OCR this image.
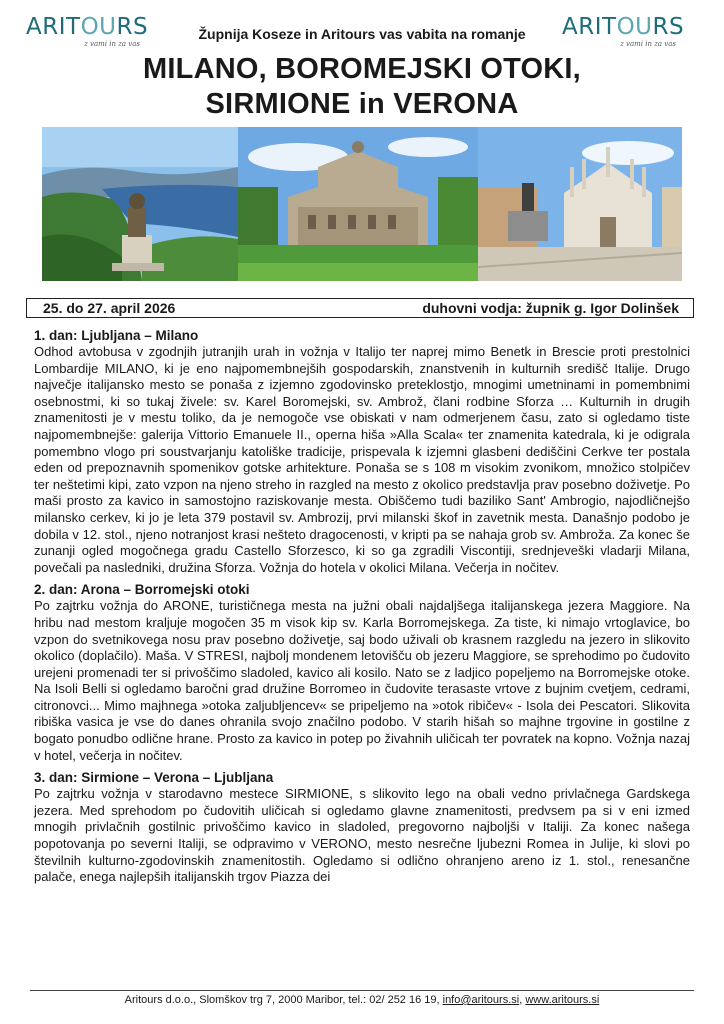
ARITOURS
z vami in za vas
ARITOURS
z vami in za vas
Župnija Koseze in Aritours vas vabita na romanje
MILANO, BOROMEJSKI OTOKI,
SIRMIONE in VERONA
25. do 27. april 2026	duhovni vodja: župnik g. Igor Dolinšek
1. dan: Ljubljana – Milano

Odhod avtobusa v zgodnjih jutranjih urah in vožnja v Italijo ter naprej mimo Benetk in Brescie proti prestolnici Lombardije MILANO, ki je eno najpomembnejših gospodarskih, znanstvenih in kulturnih središč Italije. Drugo največje italijansko mesto se ponaša z izjemno zgodovinsko preteklostjo, mnogimi umetninami in pomembnimi osebnostmi, ki so tukaj živele: sv. Karel Boromejski, sv. Ambrož, člani rodbine Sforza … Kulturnih in drugih znamenitosti je v mestu toliko, da je nemogoče vse obiskati v nam odmerjenem času, zato si ogledamo tiste najpomembnejše: galerija Vittorio Emanuele II., operna hiša »Alla Scala« ter znamenita katedrala, ki je odigrala pomembno vlogo pri soustvarjanju katoliške tradicije, prispevala k izjemni glasbeni dediščini Cerkve ter postala eden od prepoznavnih spomenikov gotske arhitekture. Ponaša se s 108 m visokim zvonikom, množico stolpičev ter neštetimi kipi, zato vzpon na njeno streho in razgled na mesto z okolico predstavlja prav posebno doživetje. Po maši prosto za kavico in samostojno raziskovanje mesta. Obiščemo tudi baziliko Sant' Ambrogio, najodličnejšo milansko cerkev, ki jo je leta 379 postavil sv. Ambrozij, prvi milanski škof in zavetnik mesta. Današnjo podobo je dobila v 12. stol., njeno notranjost krasi nešteto dragocenosti, v kripti pa se nahaja grob sv. Ambroža. Za konec še zunanji ogled mogočnega gradu Castello Sforzesco, ki so ga zgradili Viscontiji, srednjeveški vladarji Milana, povečali pa nasledniki, družina Sforza. Vožnja do hotela v okolici Milana. Večerja in nočitev.

2. dan: Arona – Borromejski otoki

Po zajtrku vožnja do ARONE, turističnega mesta na južni obali najdaljšega italijanskega jezera Maggiore. Na hribu nad mestom kraljuje mogočen 35 m visok kip sv. Karla Borromejskega. Za tiste, ki nimajo vrtoglavice, bo vzpon do svetnikovega nosu prav posebno doživetje, saj bodo uživali ob krasnem razgledu na jezero in slikovito okolico (doplačilo). Maša. V STRESI, najbolj mondenem letovišču ob jezeru Maggiore, se sprehodimo po čudovito urejeni promenadi ter si privoščimo sladoled, kavico ali kosilo. Nato se z ladjico popeljemo na Borromejske otoke. Na Isoli Belli si ogledamo baročni grad družine Borromeo in čudovite terasaste vrtove z bujnim cvetjem, cedrami, citronovci... Mimo majhnega »otoka zaljubljencev« se pripeljemo na »otok ribičev« - Isola dei Pescatori. Slikovita ribiška vasica je vse do danes ohranila svojo značilno podobo. V starih hišah so majhne trgovine in gostilne z bogato ponudbo odlične hrane. Prosto za kavico in potep po živahnih uličicah ter povratek na kopno. Vožnja nazaj v hotel, večerja in nočitev.

3. dan: Sirmione – Verona – Ljubljana

Po zajtrku vožnja v starodavno mestece SIRMIONE, s slikovito lego na obali vedno privlačnega Gardskega jezera. Med sprehodom po čudovitih uličicah si ogledamo glavne znamenitosti, predvsem pa si v eni izmed mnogih privlačnih gostilnic privoščimo kavico in sladoled, pregovorno najboljši v Italiji. Za konec našega popotovanja po severni Italiji, se odpravimo v VERONO, mesto nesrečne ljubezni Romea in Julije, ki slovi po številnih kulturno-zgodovinskih znamenitostih. Ogledamo si odlično ohranjeno areno iz 1. stol., renesančne palače, enega najlepših italijanskih trgov Piazza dei

Aritours d.o.o., Slomškov trg 7, 2000 Maribor, tel.: 02/ 252 16 19, info@aritours.si, www.aritours.si
